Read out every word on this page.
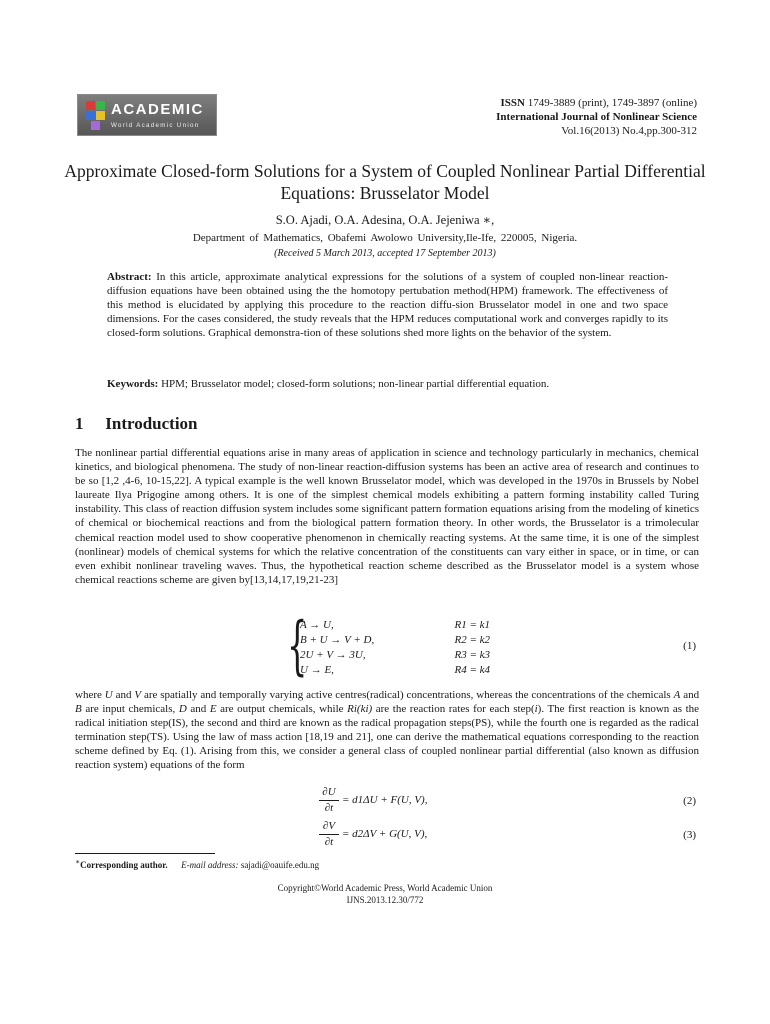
ACADEMIC
World Academic Union
ISSN 1749-3889 (print), 1749-3897 (online)
International Journal of Nonlinear Science
Vol.16(2013) No.4,pp.300-312
Approximate Closed-form Solutions for a System of Coupled Nonlinear Partial Differential Equations: Brusselator Model
S.O. Ajadi, O.A. Adesina, O.A. Jejeniwa ∗,
Department of Mathematics, Obafemi Awolowo University,Ile-Ife, 220005, Nigeria.
(Received 5 March 2013, accepted 17 September 2013)
Abstract: In this article, approximate analytical expressions for the solutions of a system of coupled non-linear reaction-diffusion equations have been obtained using the the homotopy pertubation method(HPM) framework. The effectiveness of this method is elucidated by applying this procedure to the reaction diffu-sion Brusselator model in one and two space dimensions. For the cases considered, the study reveals that the HPM reduces computational work and converges rapidly to its closed-form solutions. Graphical demonstra-tion of these solutions shed more lights on the behavior of the system.
Keywords: HPM; Brusselator model; closed-form solutions; non-linear partial differential equation.
1 Introduction
The nonlinear partial differential equations arise in many areas of application in science and technology particularly in mechanics, chemical kinetics, and biological phenomena. The study of non-linear reaction-diffusion systems has been an active area of research and continues to be so [1,2 ,4-6, 10-15,22]. A typical example is the well known Brusselator model, which was developed in the 1970s in Brussels by Nobel laureate Ilya Prigogine among others. It is one of the simplest chemical models exhibiting a pattern forming instability called Turing instability. This class of reaction diffusion system includes some significant pattern formation equations arising from the modeling of kinetics of chemical or biochemical reactions and from the biological pattern formation theory. In other words, the Brusselator is a trimolecular chemical reaction model used to show cooperative phenomenon in chemically reacting systems. At the same time, it is one of the simplest (nonlinear) models of chemical systems for which the relative concentration of the constituents can vary either in space, or in time, or can even exhibit nonlinear traveling waves. Thus, the hypothetical reaction scheme described as the Brusselator model is a system whose chemical reactions scheme are given by[13,14,17,19,21-23]
{
A → U,
B + U → V + D,
2U + V → 3U,
U → E,
R1 = k1
R2 = k2
R3 = k3
R4 = k4
(1)
where U and V are spatially and temporally varying active centres(radical) concentrations, whereas the concentrations of the chemicals A and B are input chemicals, D and E are output chemicals, while Ri(ki) are the reaction rates for each step(i). The first reaction is known as the radical initiation step(IS), the second and third are known as the radical propagation steps(PS), while the fourth one is regarded as the radical termination step(TS). Using the law of mass action [18,19 and 21], one can derive the mathematical equations corresponding to the reaction scheme defined by Eq. (1). Arising from this, we consider a general class of coupled nonlinear partial differential (also known as diffusion reaction system) equations of the form
∂U
∂t
= d1ΔU + F(U, V),	(2)
∂V
∂t
= d2ΔV + G(U, V),	(3)
∗Corresponding author. E-mail address: sajadi@oauife.edu.ng
Copyright©World Academic Press, World Academic Union
IJNS.2013.12.30/772
